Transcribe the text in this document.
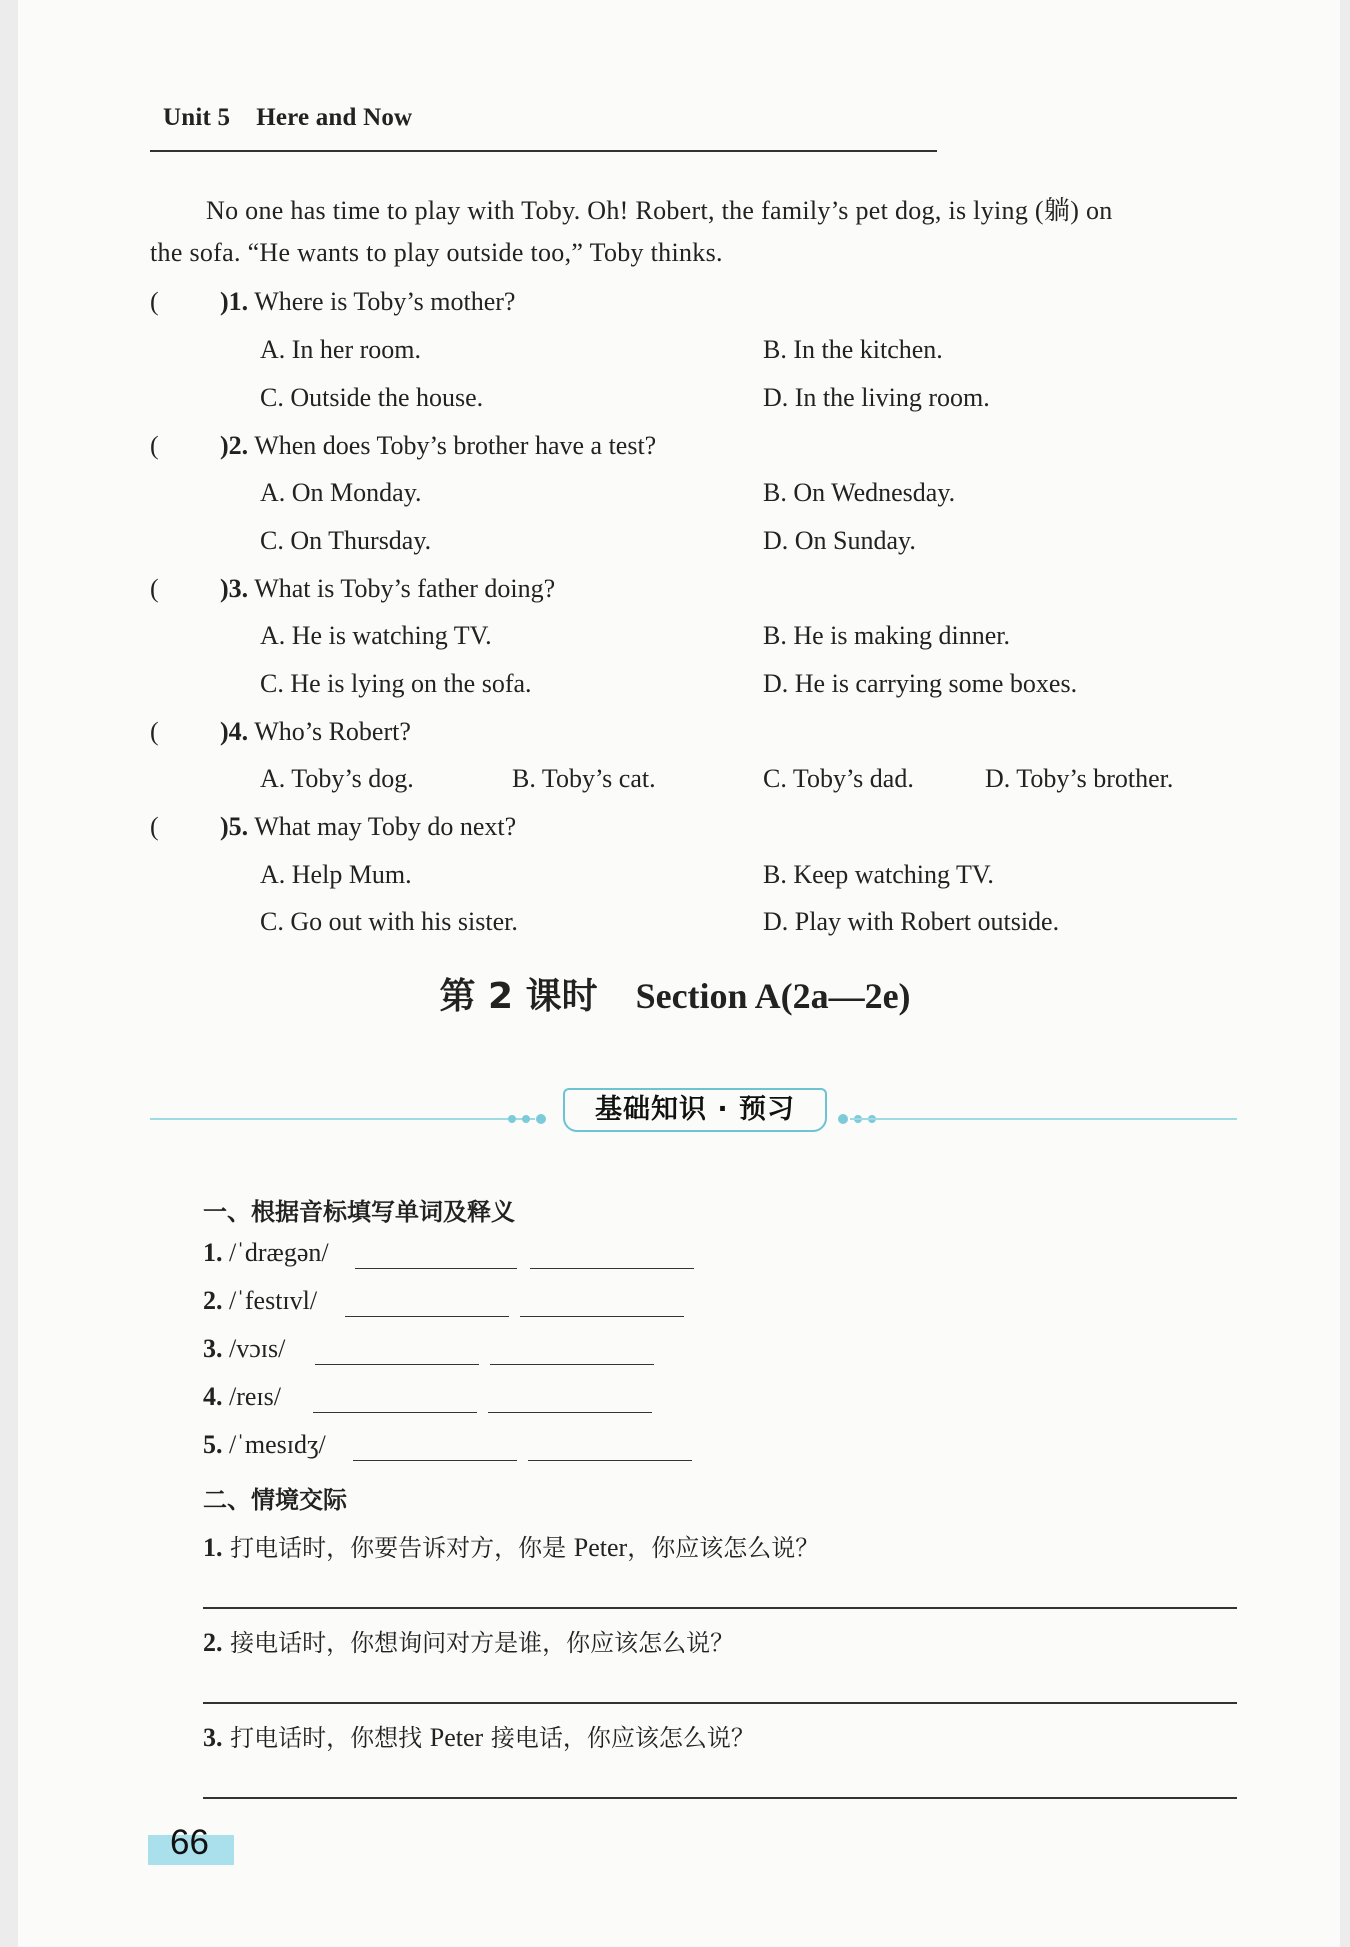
Unit 5 Here and Now
No one has time to play with Toby. Oh! Robert, the family’s pet dog, is lying (躺) on
the sofa. “He wants to play outside too,” Toby thinks.
( )1. Where is Toby’s mother?
A. In her room.	B. In the kitchen.
C. Outside the house.	D. In the living room.
( )2. When does Toby’s brother have a test?
A. On Monday.	B. On Wednesday.
C. On Thursday.	D. On Sunday.
( )3. What is Toby’s father doing?
A. He is watching TV.	B. He is making dinner.
C. He is lying on the sofa.	D. He is carrying some boxes.
( )4. Who’s Robert?
A. Toby’s dog.	B. Toby’s cat.	C. Toby’s dad.	D. Toby’s brother.
( )5. What may Toby do next?
A. Help Mum.	B. Keep watching TV.
C. Go out with his sister.	D. Play with Robert outside.
第 2 课时 Section A(2a—2e)
基础知识 · 预习
一、根据音标填写单词及释义
1. /ˈdrægən/
2. /ˈfestɪvl/
3. /vɔɪs/
4. /reɪs/
5. /ˈmesɪdʒ/
二、情境交际
1. 打电话时，你要告诉对方，你是 Peter，你应该怎么说？
2. 接电话时，你想询问对方是谁，你应该怎么说？
3. 打电话时，你想找 Peter 接电话，你应该怎么说？
66
